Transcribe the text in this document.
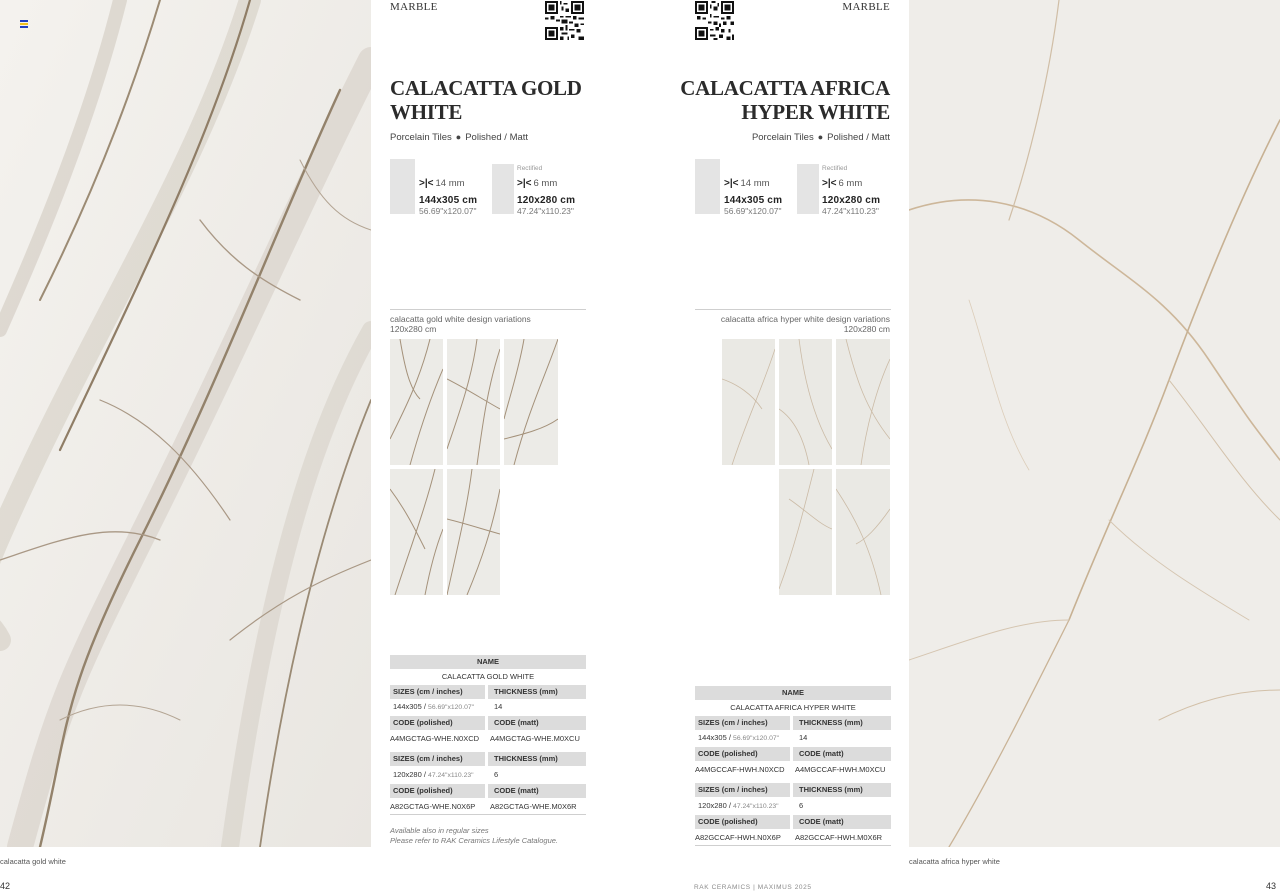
calacatta gold white
42
calacatta africa hyper white
43
RAK CERAMICS | MAXIMUS 2025
MARBLE
CALACATTA GOLD
WHITE
Porcelain Tiles ● Polished / Matt
>|< 14 mm
144x305 cm
56.69"x120.07"
Rectified
>|< 6 mm
120x280 cm
47.24"x110.23"
calacatta gold white design variations
120x280 cm
NAME
CALACATTA GOLD WHITE
SIZES (cm / inches)	THICKNESS (mm)
144x305 / 56.69"x120.07"	14
CODE (polished)	CODE (matt)
A4MGCTAG-WHE.N0XCD	A4MGCTAG-WHE.M0XCU
SIZES (cm / inches)	THICKNESS (mm)
120x280 / 47.24"x110.23"	6
CODE (polished)	CODE (matt)
A82GCTAG-WHE.N0X6P	A82GCTAG-WHE.M0X6R
Available also in regular sizes
Please refer to RAK Ceramics Lifestyle Catalogue.
MARBLE
CALACATTA AFRICA
HYPER WHITE
Porcelain Tiles ● Polished / Matt
>|< 14 mm
144x305 cm
56.69"x120.07"
Rectified
>|< 6 mm
120x280 cm
47.24"x110.23"
calacatta africa hyper white design variations
120x280 cm
NAME
CALACATTA AFRICA HYPER WHITE
SIZES (cm / inches)	THICKNESS (mm)
144x305 / 56.69"x120.07"	14
CODE (polished)	CODE (matt)
A4MGCCAF-HWH.N0XCD	A4MGCCAF-HWH.M0XCU
SIZES (cm / inches)	THICKNESS (mm)
120x280 / 47.24"x110.23"	6
CODE (polished)	CODE (matt)
A82GCCAF-HWH.N0X6P	A82GCCAF-HWH.M0X6R
